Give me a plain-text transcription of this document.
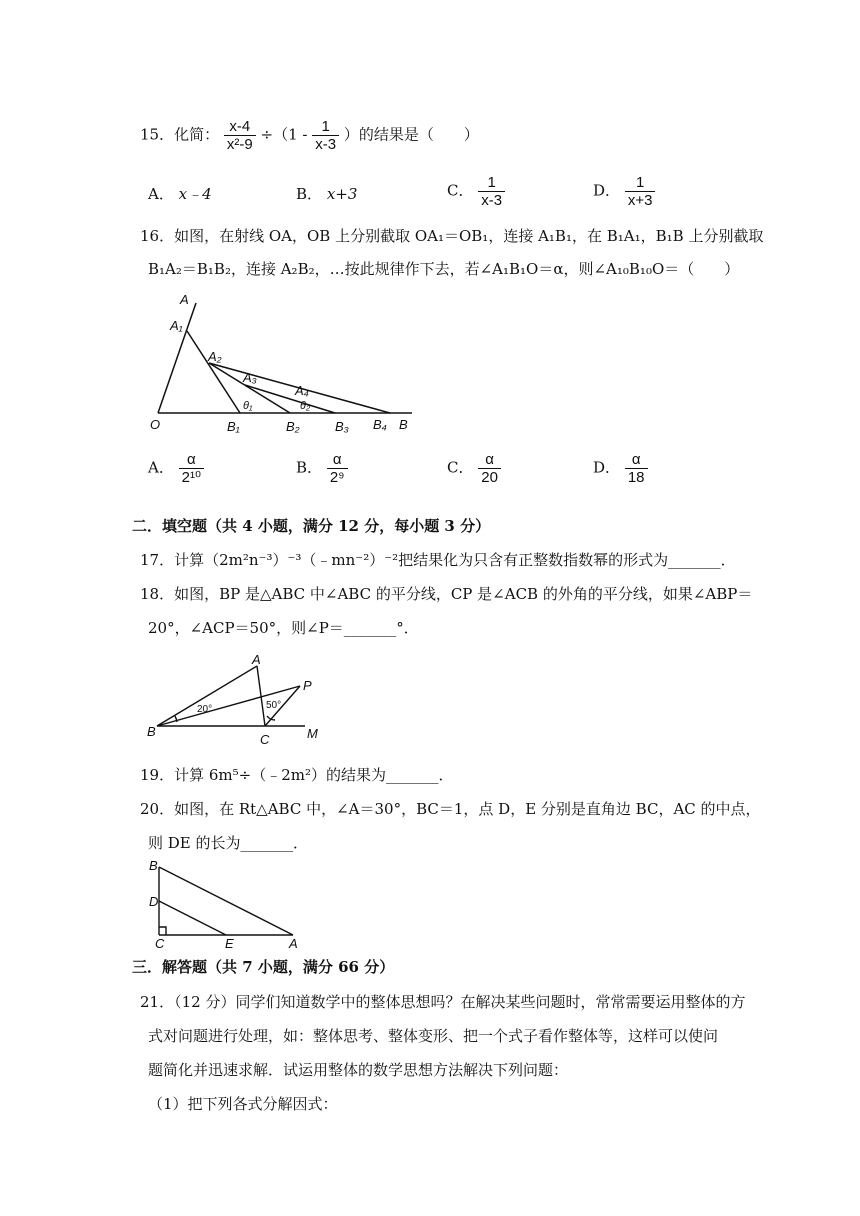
15．化简： $\frac{x-4}{\text{x²-9}} \div(1 - \frac{1}{x-3}$ ）的结果是（　　）
A． x﹣4	B． x+3	C． $\frac{1}{x-3}$	D． $\frac{1}{x+3}$
16．如图，在射线 OA，OB 上分别截取 OA₁＝OB₁，连接 A₁B₁，在 B₁A₁，B₁B 上分别截取
B₁A₂＝B₁B₂，连接 A₂B₂，…按此规律作下去，若∠A₁B₁O＝α，则∠A₁₀B₁₀O＝（　　）
A
A₁
A₂
A₃
A₄
O	B₁	B₂	B₃ B₄ B
θ₁	θ₂
A． $\frac{\alpha}{\text{2¹⁰}}$	B． $\frac{\alpha}{\text{2⁹}}$	C． $\frac{\alpha}{20}$	D． $\frac{\alpha}{18}$
二．填空题（共 4 小题，满分 12 分，每小题 3 分）
17．计算（2m²n⁻³）⁻³（﹣mn⁻²）⁻²把结果化为只含有正整数指数幂的形式为_______．
18．如图，BP 是△ABC 中∠ABC 的平分线，CP 是∠ACB 的外角的平分线，如果∠ABP＝
20°，∠ACP＝50°，则∠P＝_______°．
A
P
B
C	M
20°	50°
19．计算 6m⁵÷（﹣2m²）的结果为_______．
20．如图，在 Rt△ABC 中，∠A＝30°，BC＝1，点 D，E 分别是直角边 BC，AC 的中点，
则 DE 的长为_______．
B
D
C	E	A
三．解答题（共 7 小题，满分 66 分）
21．（12 分）同学们知道数学中的整体思想吗？在解决某些问题时，常常需要运用整体的方
式对问题进行处理，如：整体思考、整体变形、把一个式子看作整体等，这样可以使问
题简化并迅速求解．试运用整体的数学思想方法解决下列问题：
（1）把下列各式分解因式：
